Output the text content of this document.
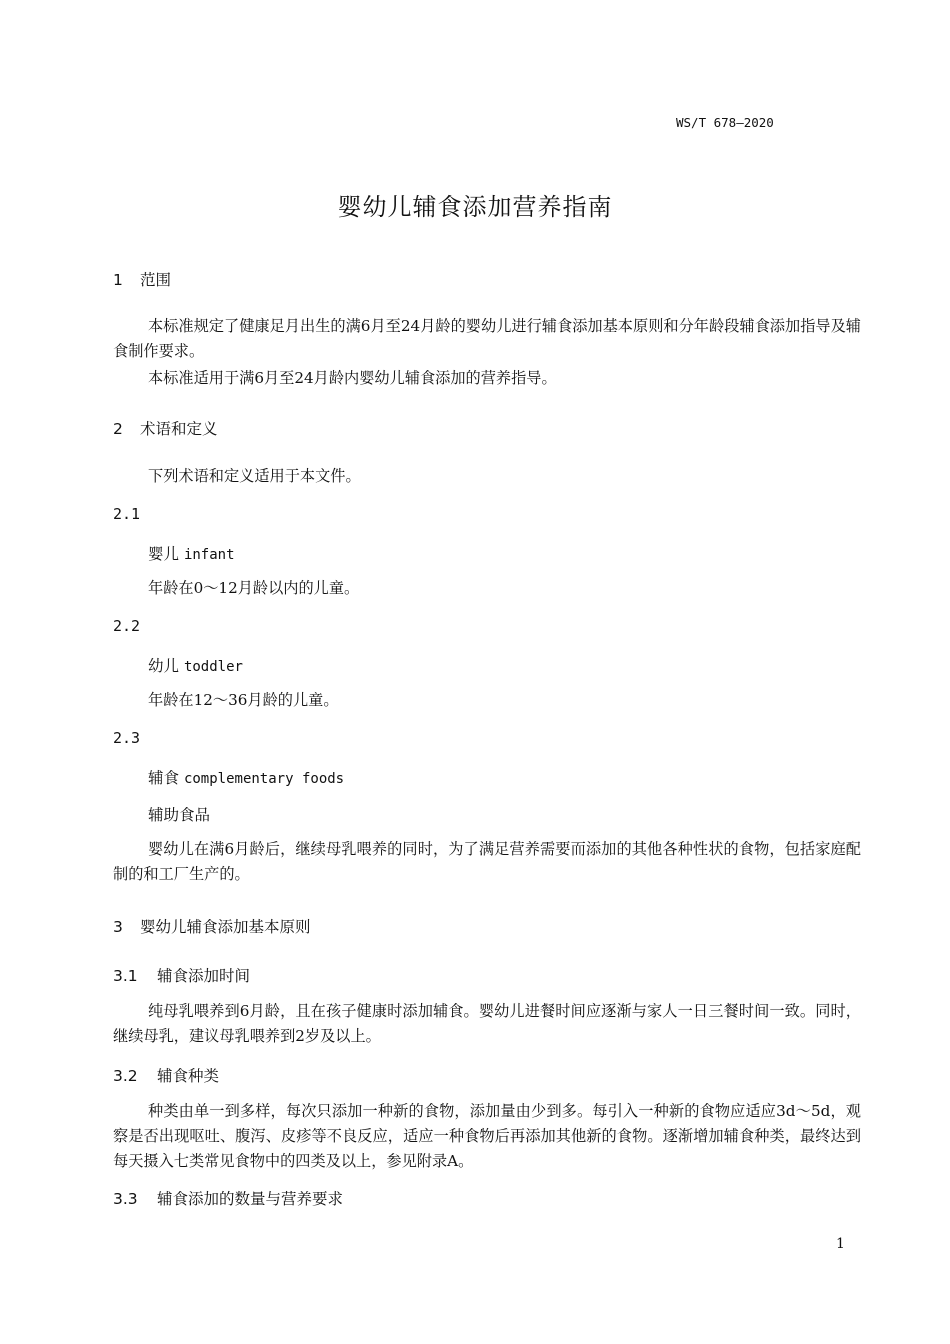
WS/T 678—2020
婴幼儿辅食添加营养指南
1 范围
本标准规定了健康足月出生的满6月至24月龄的婴幼儿进行辅食添加基本原则和分年龄段辅食添加指导及辅食制作要求。
本标准适用于满6月至24月龄内婴幼儿辅食添加的营养指导。
2 术语和定义
下列术语和定义适用于本文件。
2.1
婴儿 infant
年龄在0～12月龄以内的儿童。
2.2
幼儿 toddler
年龄在12～36月龄的儿童。
2.3
辅食 complementary foods
辅助食品
婴幼儿在满6月龄后，继续母乳喂养的同时，为了满足营养需要而添加的其他各种性状的食物，包括家庭配制的和工厂生产的。
3 婴幼儿辅食添加基本原则
3.1 辅食添加时间
纯母乳喂养到6月龄，且在孩子健康时添加辅食。婴幼儿进餐时间应逐渐与家人一日三餐时间一致。同时，继续母乳，建议母乳喂养到2岁及以上。
3.2 辅食种类
种类由单一到多样，每次只添加一种新的食物，添加量由少到多。每引入一种新的食物应适应3d～5d，观察是否出现呕吐、腹泻、皮疹等不良反应，适应一种食物后再添加其他新的食物。逐渐增加辅食种类，最终达到每天摄入七类常见食物中的四类及以上，参见附录A。
3.3 辅食添加的数量与营养要求
1
